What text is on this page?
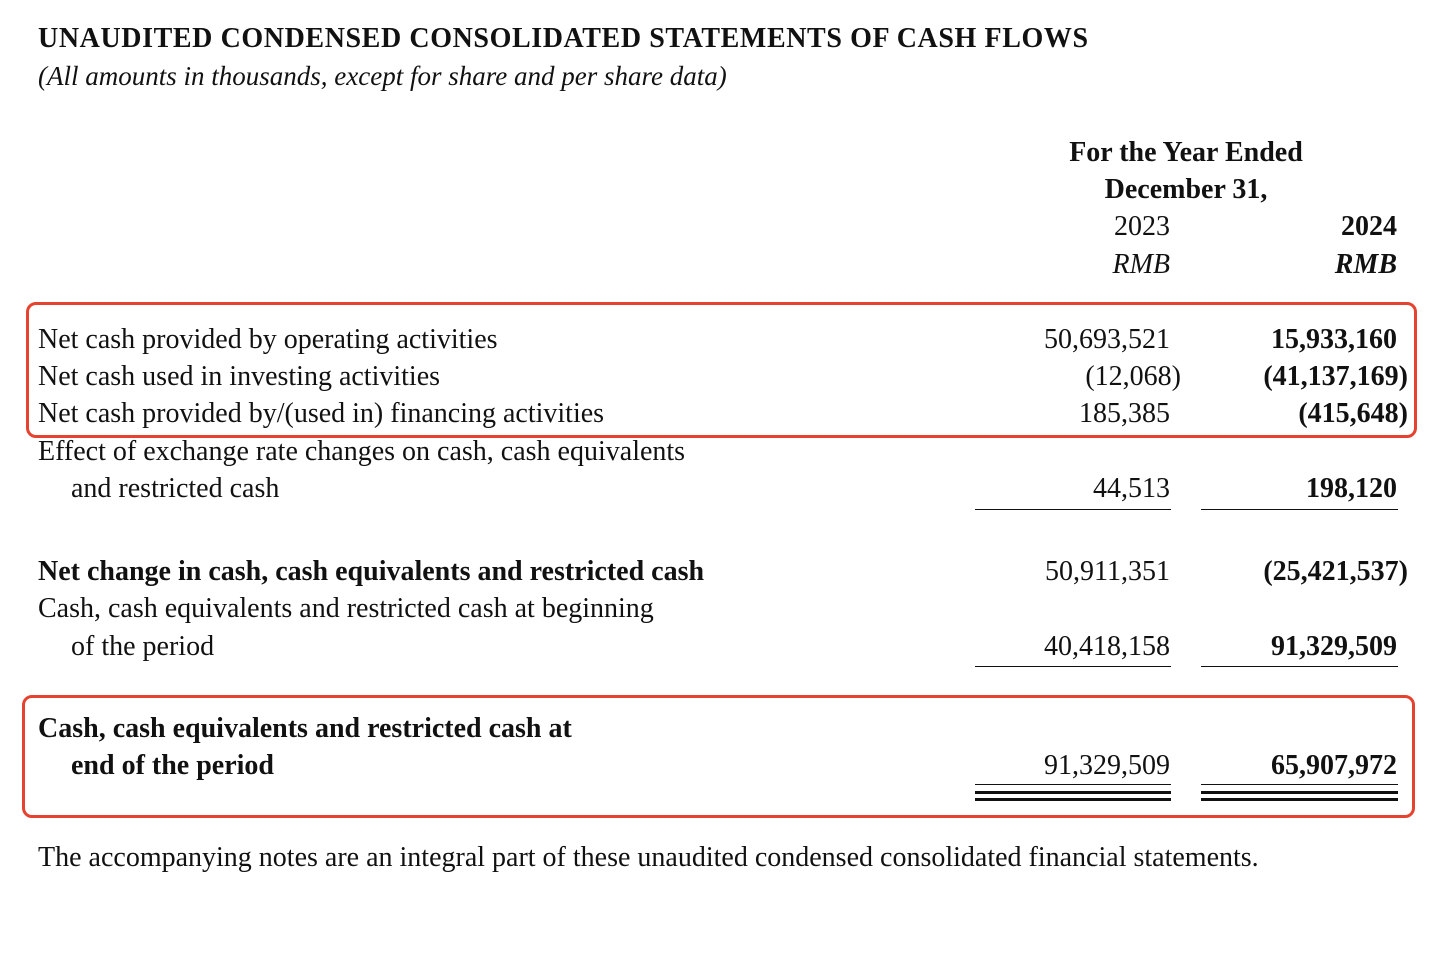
UNAUDITED CONDENSED CONSOLIDATED STATEMENTS OF CASH FLOWS
(All amounts in thousands, except for share and per share data)
For the Year Ended
December 31,
2023	2024
RMB	RMB
Net cash provided by operating activities	50,693,521	15,933,160
Net cash used in investing activities	(12,068)	(41,137,169)
Net cash provided by/(used in) financing activities	185,385	(415,648)
Effect of exchange rate changes on cash, cash equivalents
and restricted cash	44,513	198,120
Net change in cash, cash equivalents and restricted cash	50,911,351	(25,421,537)
Cash, cash equivalents and restricted cash at beginning
of the period	40,418,158	91,329,509
Cash, cash equivalents and restricted cash at
end of the period	91,329,509	65,907,972
The accompanying notes are an integral part of these unaudited condensed consolidated financial statements.
